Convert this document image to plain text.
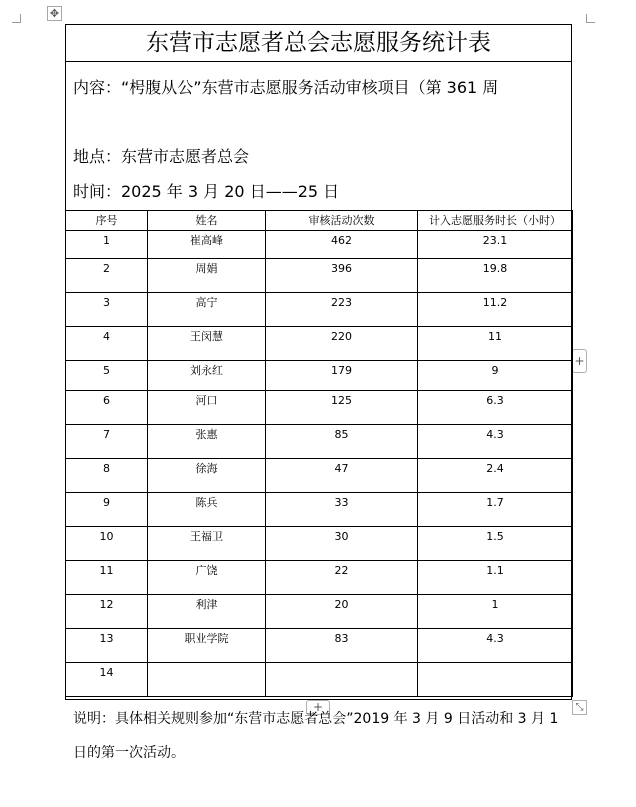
✥
+
+	⤡
东营市志愿者总会志愿服务统计表
内容：“枵腹从公”东营市志愿服务活动审核项目（第 361 周
地点：东营市志愿者总会
时间：2025 年 3 月 20 日——25 日
序号	姓名	审核活动次数	计入志愿服务时长（小时）
1	崔高峰	462	23.1
2	周娟	396	19.8
3	高宁	223	11.2
4	王闵慧	220	11
5	刘永红	179	9
6	河口	125	6.3
7	张惠	85	4.3
8	徐海	47	2.4
9	陈兵	33	1.7
10	王福卫	30	1.5
11	广饶	22	1.1
12	利津	20	1
13	职业学院	83	4.3
14			
说明：具体相关规则参加“东营市志愿者总会”2019 年 3 月 9 日活动和 3 月 1 日的第一次活动。
